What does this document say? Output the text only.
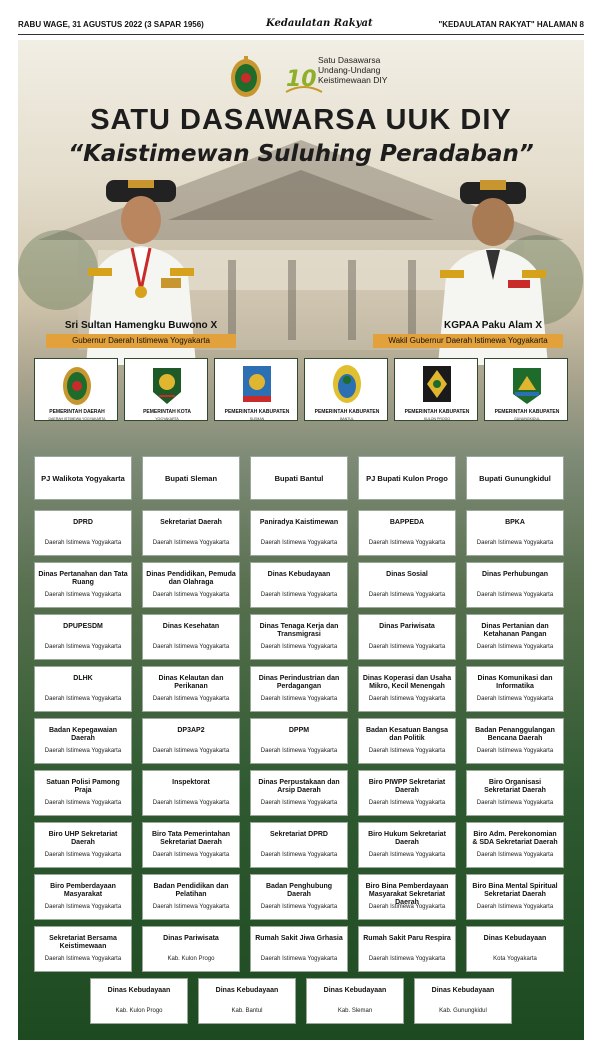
RABU WAGE, 31 AGUSTUS 2022 (3 SAPAR 1956)	Kedaulatan Rakyat	"KEDAULATAN RAKYAT" HALAMAN 8
10
Satu Dasawarsa
Undang-Undang
Keistimewaan DIY
SATU DASAWARSA UUK DIY
“Kaistimewan Suluhing Peradaban”
Sri Sultan Hamengku Buwono X
Gubernur Daerah Istimewa Yogyakarta
KGPAA Paku Alam X
Wakil Gubernur Daerah Istimewa Yogyakarta
PEMERINTAH DAERAH
DAERAH ISTIMEWA YOGYAKARTA
PEMERINTAH KOTA
YOGYAKARTA
PEMERINTAH KABUPATEN
SLEMAN
PEMERINTAH KABUPATEN
BANTUL
PEMERINTAH KABUPATEN
KULON PROGO
PEMERINTAH KABUPATEN
GUNUNGKIDUL
PJ Walikota Yogyakarta	Bupati Sleman	Bupati Bantul	PJ Bupati Kulon Progo	Bupati Gunungkidul
DPRD
Daerah Istimewa Yogyakarta
Sekretariat Daerah
Daerah Istimewa Yogyakarta
Paniradya Kaistimewan
Daerah Istimewa Yogyakarta
BAPPEDA
Daerah Istimewa Yogyakarta
BPKA
Daerah Istimewa Yogyakarta
Dinas Pertanahan dan Tata Ruang
Daerah Istimewa Yogyakarta
Dinas Pendidikan, Pemuda dan Olahraga
Daerah Istimewa Yogyakarta
Dinas Kebudayaan
Daerah Istimewa Yogyakarta
Dinas Sosial
Daerah Istimewa Yogyakarta
Dinas Perhubungan
Daerah Istimewa Yogyakarta
DPUPESDM
Daerah Istimewa Yogyakarta
Dinas Kesehatan
Daerah Istimewa Yogyakarta
Dinas Tenaga Kerja dan Transmigrasi
Daerah Istimewa Yogyakarta
Dinas Pariwisata
Daerah Istimewa Yogyakarta
Dinas Pertanian dan Ketahanan Pangan
Daerah Istimewa Yogyakarta
DLHK
Daerah Istimewa Yogyakarta
Dinas Kelautan dan Perikanan
Daerah Istimewa Yogyakarta
Dinas Perindustrian dan Perdagangan
Daerah Istimewa Yogyakarta
Dinas Koperasi dan Usaha Mikro, Kecil Menengah
Daerah Istimewa Yogyakarta
Dinas Komunikasi dan Informatika
Daerah Istimewa Yogyakarta
Badan Kepegawaian Daerah
Daerah Istimewa Yogyakarta
DP3AP2
Daerah Istimewa Yogyakarta
DPPM
Daerah Istimewa Yogyakarta
Badan Kesatuan Bangsa dan Politik
Daerah Istimewa Yogyakarta
Badan Penanggulangan Bencana Daerah
Daerah Istimewa Yogyakarta
Satuan Polisi Pamong Praja
Daerah Istimewa Yogyakarta
Inspektorat
Daerah Istimewa Yogyakarta
Dinas Perpustakaan dan Arsip Daerah
Daerah Istimewa Yogyakarta
Biro PIWPP Sekretariat Daerah
Daerah Istimewa Yogyakarta
Biro Organisasi Sekretariat Daerah
Daerah Istimewa Yogyakarta
Biro UHP Sekretariat Daerah
Daerah Istimewa Yogyakarta
Biro Tata Pemerintahan Sekretariat Daerah
Daerah Istimewa Yogyakarta
Sekretariat DPRD
Daerah Istimewa Yogyakarta
Biro Hukum Sekretariat Daerah
Daerah Istimewa Yogyakarta
Biro Adm. Perekonomian & SDA Sekretariat Daerah
Daerah Istimewa Yogyakarta
Biro Pemberdayaan Masyarakat
Daerah Istimewa Yogyakarta
Badan Pendidikan dan Pelatihan
Daerah Istimewa Yogyakarta
Badan Penghubung Daerah
Daerah Istimewa Yogyakarta
Biro Bina Pemberdayaan Masyarakat Sekretariat Daerah
Daerah Istimewa Yogyakarta
Biro Bina Mental Spiritual Sekretariat Daerah
Daerah Istimewa Yogyakarta
Sekretariat Bersama Keistimewaan
Daerah Istimewa Yogyakarta
Dinas Pariwisata
Kab. Kulon Progo
Rumah Sakit Jiwa Grhasia
Daerah Istimewa Yogyakarta
Rumah Sakit Paru Respira
Daerah Istimewa Yogyakarta
Dinas Kebudayaan
Kota Yogyakarta
Dinas Kebudayaan
Kab. Kulon Progo
Dinas Kebudayaan
Kab. Bantul
Dinas Kebudayaan
Kab. Sleman
Dinas Kebudayaan
Kab. Gunungkidul
